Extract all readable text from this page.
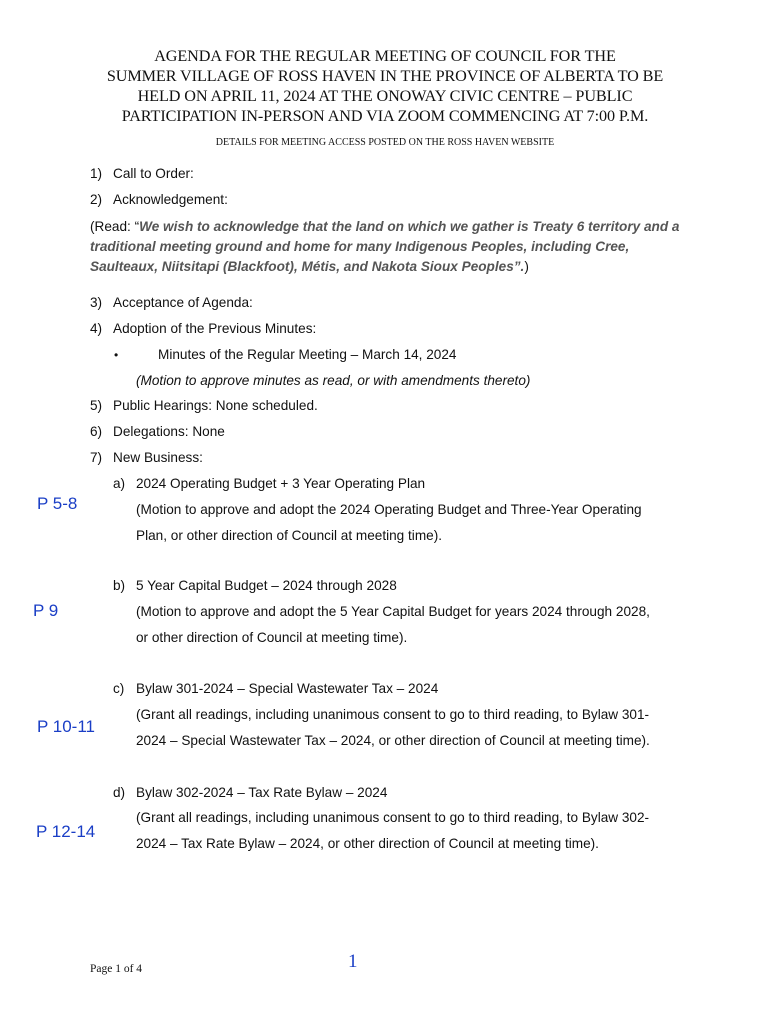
AGENDA FOR THE REGULAR MEETING OF COUNCIL FOR THE
SUMMER VILLAGE OF ROSS HAVEN IN THE PROVINCE OF ALBERTA TO BE
HELD ON APRIL 11, 2024 AT THE ONOWAY CIVIC CENTRE – PUBLIC
PARTICIPATION IN-PERSON AND VIA ZOOM COMMENCING AT 7:00 P.M.
DETAILS FOR MEETING ACCESS POSTED ON THE ROSS HAVEN WEBSITE
1) Call to Order:
2) Acknowledgement:
(Read: “We wish to acknowledge that the land on which we gather is Treaty 6 territory and a traditional meeting ground and home for many Indigenous Peoples, including Cree, Saulteaux, Niitsitapi (Blackfoot), Métis, and Nakota Sioux Peoples”.)
3) Acceptance of Agenda:
4) Adoption of the Previous Minutes:
•	Minutes of the Regular Meeting – March 14, 2024
(Motion to approve minutes as read, or with amendments thereto)
5) Public Hearings: None scheduled.
6) Delegations: None
7) New Business:
a) 2024 Operating Budget + 3 Year Operating Plan
(Motion to approve and adopt the 2024 Operating Budget and Three-Year Operating
Plan, or other direction of Council at meeting time).
P 5-8
b) 5 Year Capital Budget – 2024 through 2028
(Motion to approve and adopt the 5 Year Capital Budget for years 2024 through 2028,
or other direction of Council at meeting time).
P 9
c) Bylaw 301-2024 – Special Wastewater Tax – 2024
(Grant all readings, including unanimous consent to go to third reading, to Bylaw 301-
2024 – Special Wastewater Tax – 2024, or other direction of Council at meeting time).
P 10-11
d) Bylaw 302-2024 – Tax Rate Bylaw – 2024
(Grant all readings, including unanimous consent to go to third reading, to Bylaw 302-
2024 – Tax Rate Bylaw – 2024, or other direction of Council at meeting time).
P 12-14
Page 1 of 4	1
